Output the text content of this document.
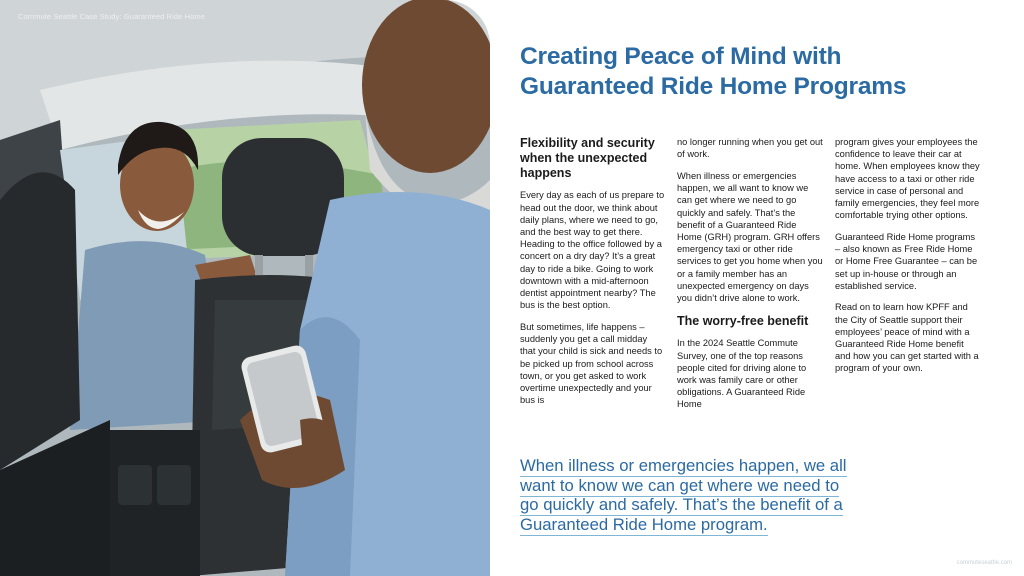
Commute Seattle Case Study: Guaranteed Ride Home
Creating Peace of Mind with
Guaranteed Ride Home Programs
Flexibility and security when the unexpected happens

Every day as each of us prepare to head out the door, we think about daily plans, where we need to go, and the best way to get there. Heading to the office followed by a concert on a dry day? It’s a great day to ride a bike. Going to work downtown with a mid-afternoon dentist appointment nearby? The bus is the best option.

But sometimes, life happens – suddenly you get a call midday that your child is sick and needs to be picked up from school across town, or you get asked to work overtime unexpectedly and your bus is

no longer running when you get out of work.

When illness or emergencies happen, we all want to know we can get where we need to go quickly and safely. That’s the benefit of a Guaranteed Ride Home (GRH) program. GRH offers emergency taxi or other ride services to get you home when you or a family member has an unexpected emergency on days you didn’t drive alone to work.

The worry-free benefit

In the 2024 Seattle Commute Survey, one of the top reasons people cited for driving alone to work was family care or other obligations. A Guaranteed Ride Home

program gives your employees the confidence to leave their car at home. When employees know they have access to a taxi or other ride service in case of personal and family emergencies, they feel more comfortable trying other options.

Guaranteed Ride Home programs – also known as Free Ride Home or Home Free Guarantee – can be set up in-house or through an established service.

Read on to learn how KPFF and the City of Seattle support their employees’ peace of mind with a Guaranteed Ride Home benefit and how you can get started with a program of your own.

When illness or emergencies happen, we all
want to know we can get where we need to
go quickly and safely. That’s the benefit of a
Guaranteed Ride Home program.
commuteseattle.com
